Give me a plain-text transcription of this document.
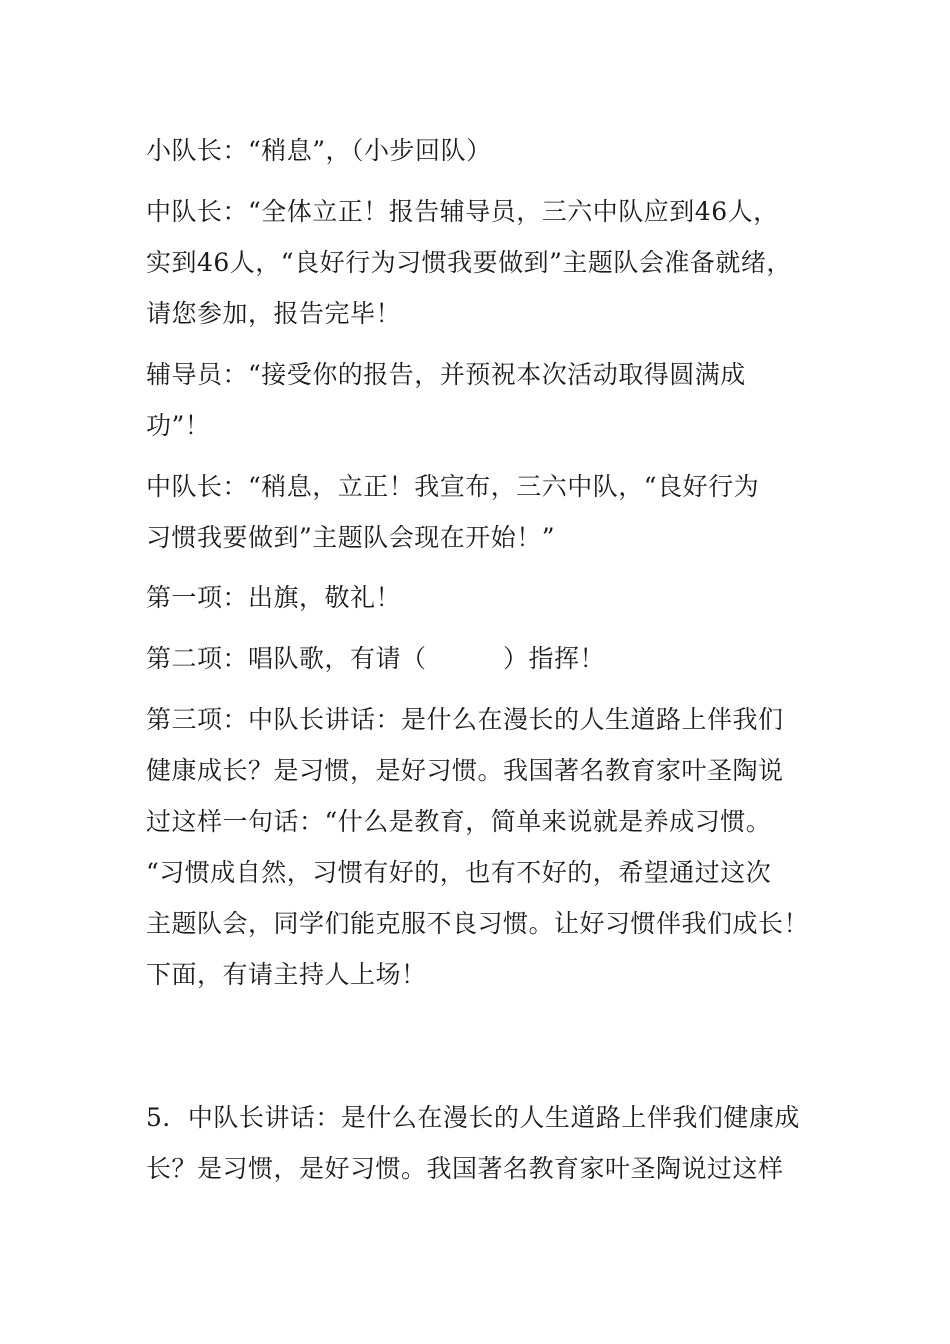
小队长：“稍息”，（小步回队）
中队长：“全体立正！报告辅导员，三六中队应到46人，
实到46人，“良好行为习惯我要做到”主题队会准备就绪，
请您参加，报告完毕！
辅导员：“接受你的报告，并预祝本次活动取得圆满成
功”！
中队长：“稍息，立正！我宣布，三六中队，“良好行为
习惯我要做到”主题队会现在开始！”
第一项：出旗，敬礼！
第二项：唱队歌，有请（　　　）指挥！
第三项：中队长讲话：是什么在漫长的人生道路上伴我们
健康成长？是习惯，是好习惯。我国著名教育家叶圣陶说
过这样一句话：“什么是教育，简单来说就是养成习惯。
“习惯成自然，习惯有好的，也有不好的，希望通过这次
主题队会，同学们能克服不良习惯。让好习惯伴我们成长！
下面，有请主持人上场！
5．中队长讲话：是什么在漫长的人生道路上伴我们健康成
长？是习惯，是好习惯。我国著名教育家叶圣陶说过这样
